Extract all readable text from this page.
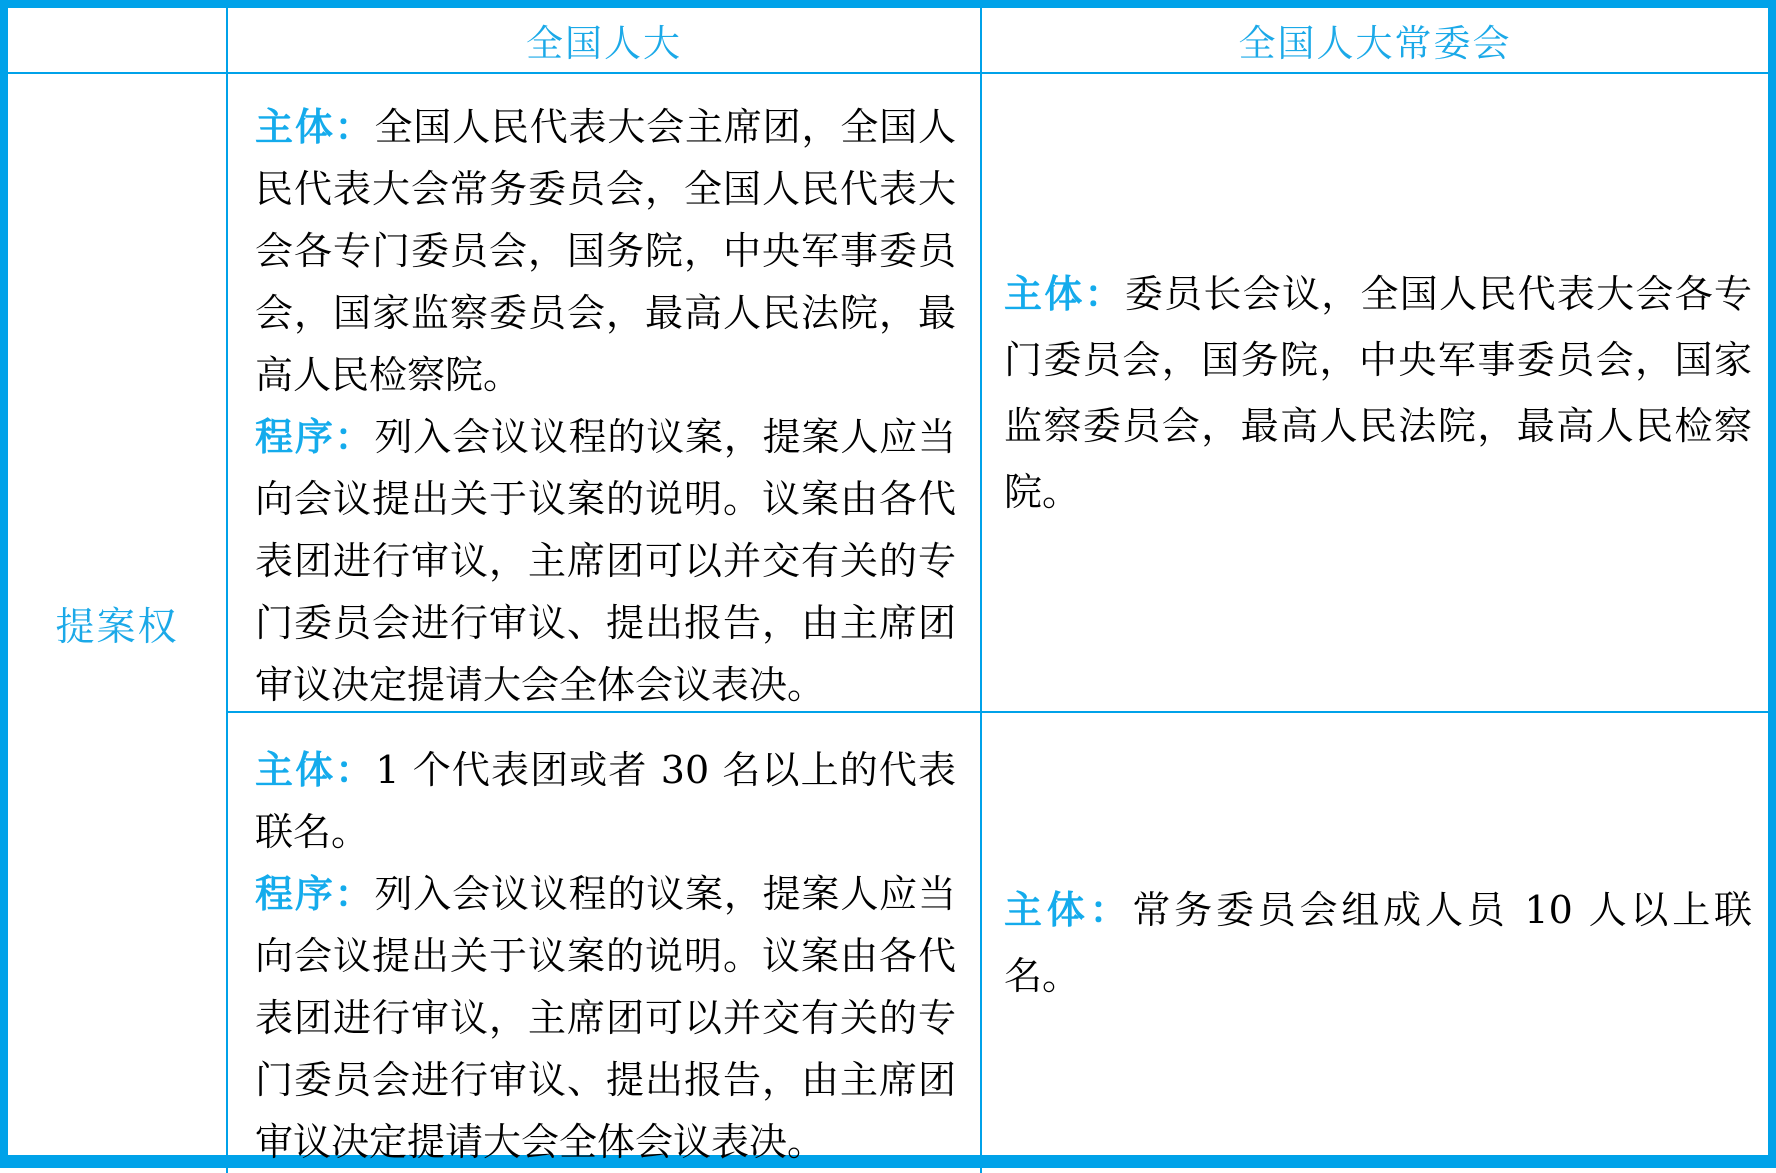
全国人大	全国人大常委会
提案权

主体：全国人民代表大会主席团，全国人民代表大会常务委员会，全国人民代表大会各专门委员会，国务院，中央军事委员会，国家监察委员会，最高人民法院，最高人民检察院。

程序：列入会议议程的议案，提案人应当向会议提出关于议案的说明。议案由各代表团进行审议，主席团可以并交有关的专门委员会进行审议、提出报告，由主席团审议决定提请大会全体会议表决。

主体：委员长会议，全国人民代表大会各专门委员会，国务院，中央军事委员会，国家监察委员会，最高人民法院，最高人民检察院。

主体：1 个代表团或者 30 名以上的代表联名。

程序：列入会议议程的议案，提案人应当向会议提出关于议案的说明。议案由各代表团进行审议，主席团可以并交有关的专门委员会进行审议、提出报告，由主席团审议决定提请大会全体会议表决。

主体：常务委员会组成人员 10 人以上联名。
